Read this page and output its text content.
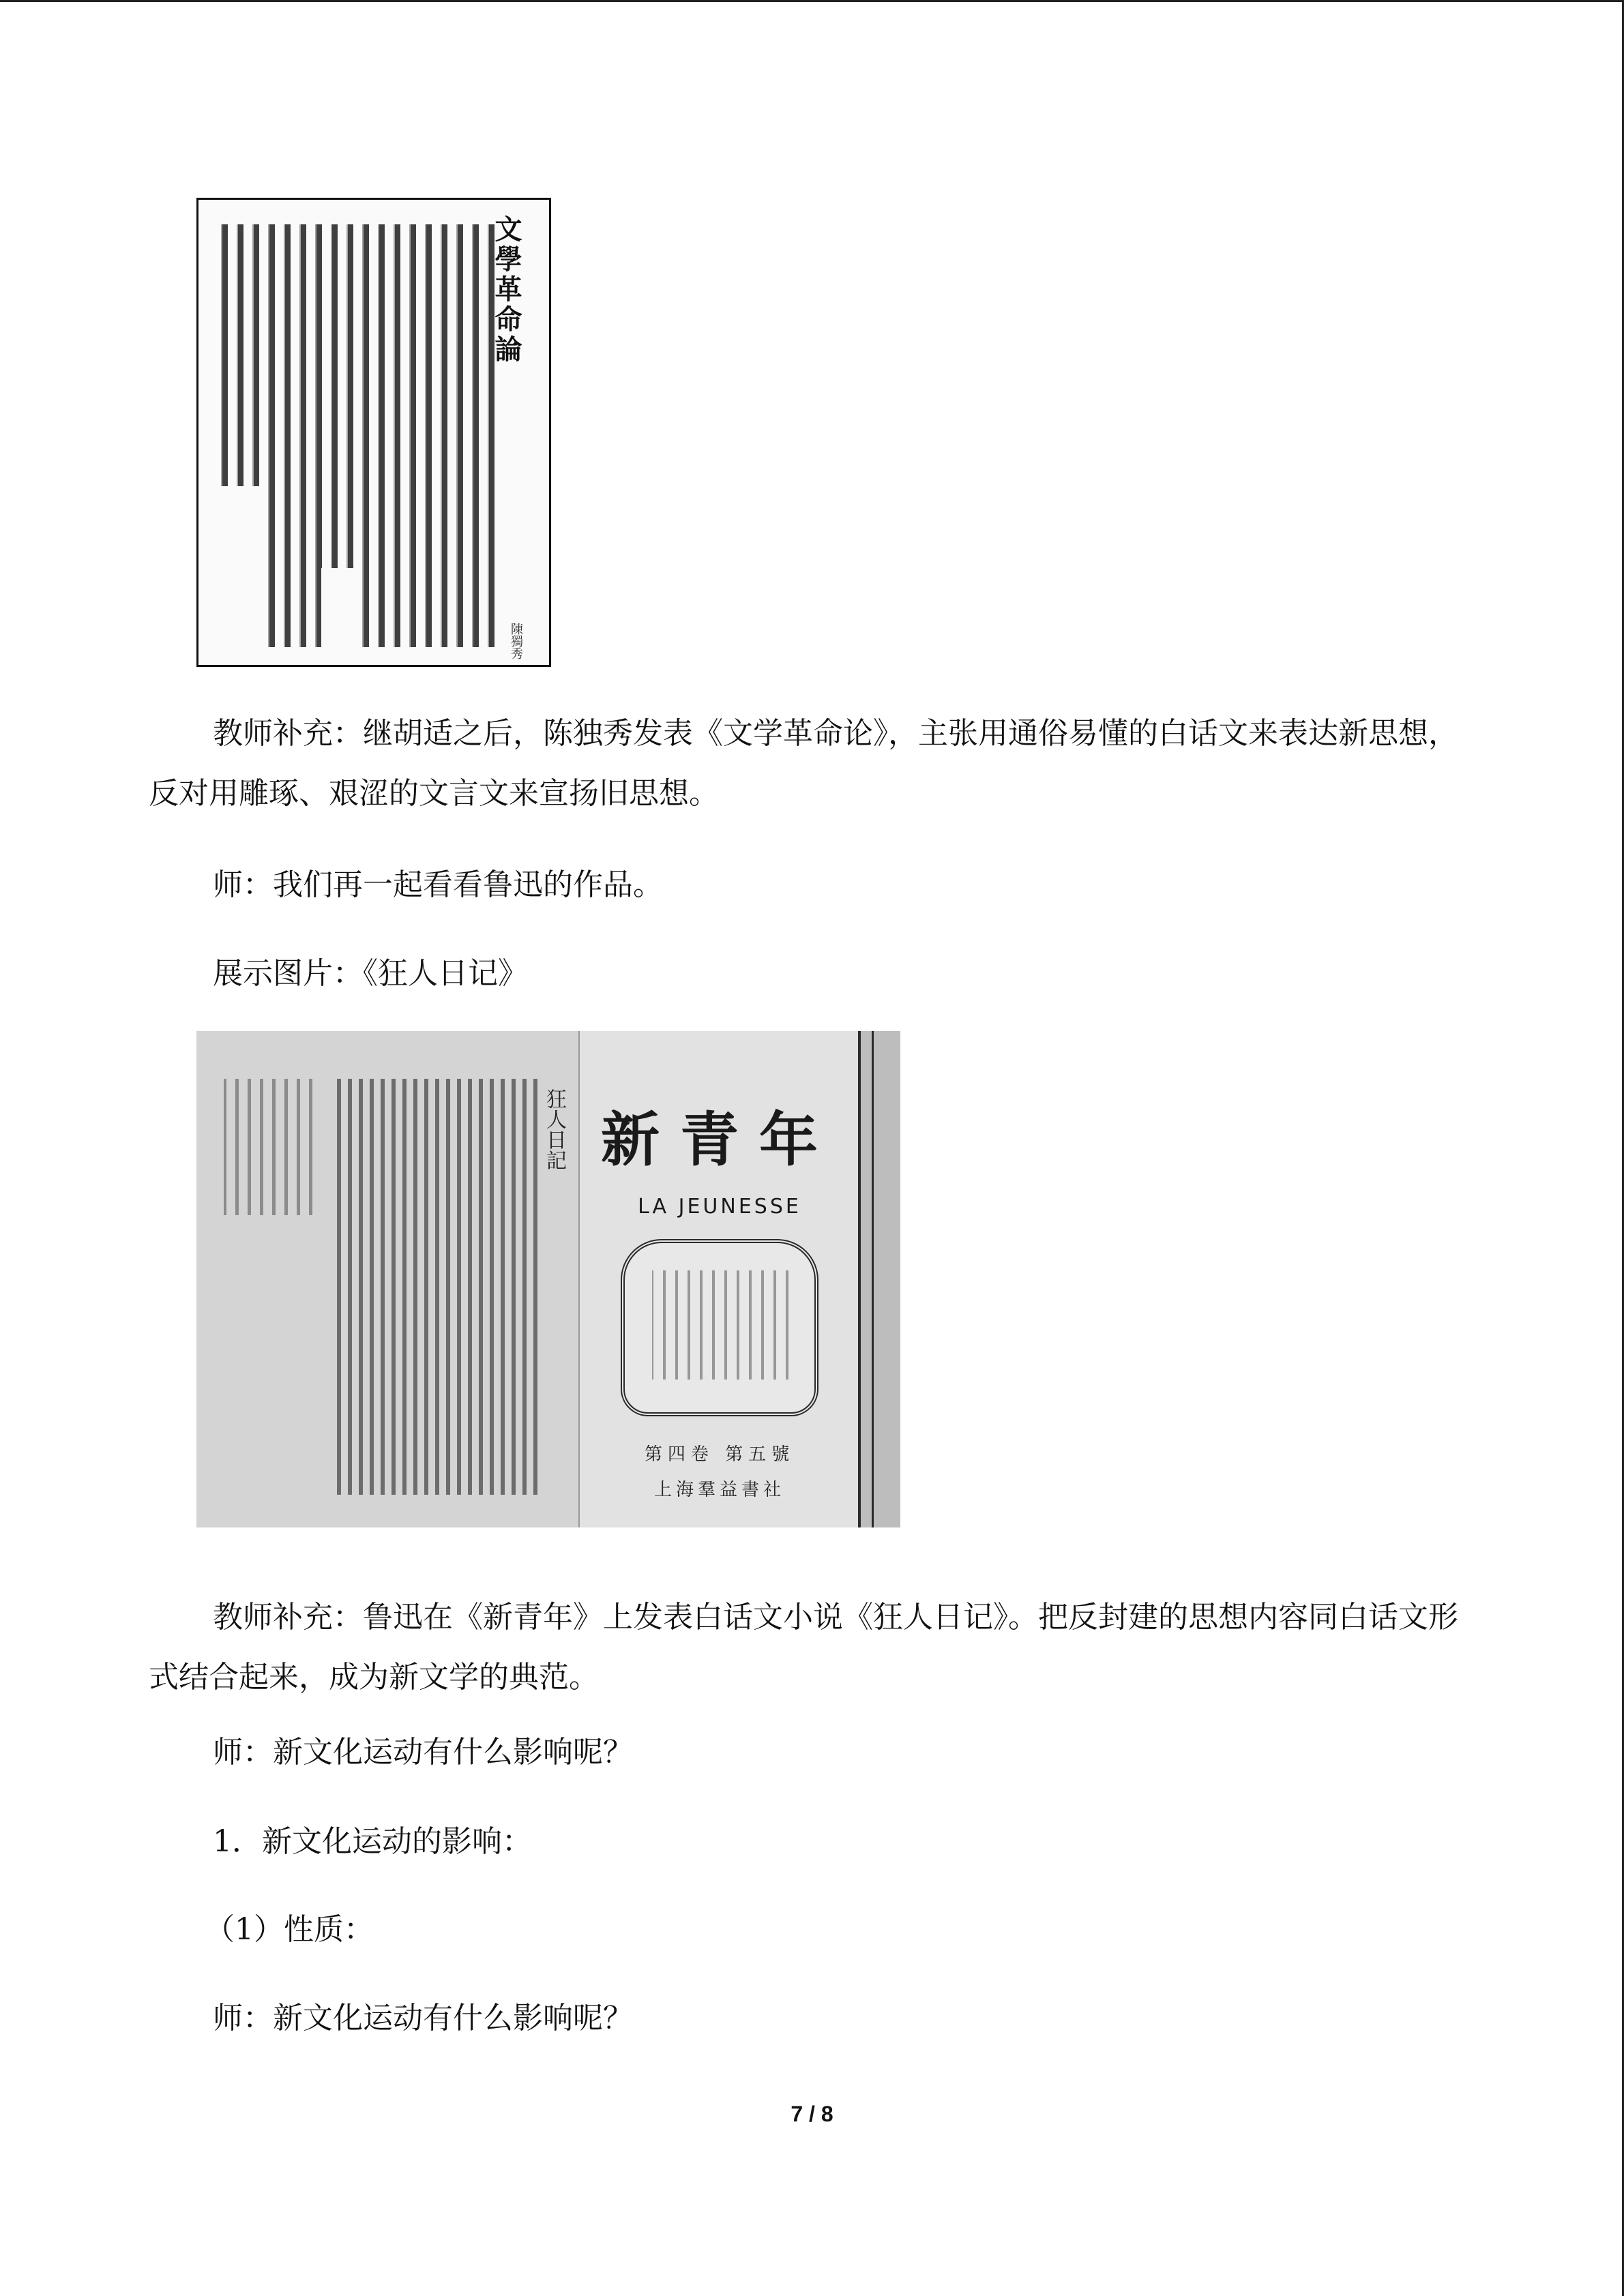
文學革命論
陳獨秀

教师补充：继胡适之后，陈独秀发表《文学革命论》，主张用通俗易懂的白话文来表达新思想，反对用雕琢、艰涩的文言文来宣扬旧思想。

师：我们再一起看看鲁迅的作品。

展示图片：《狂人日记》

狂人日記 新青年
LA JEUNESSE
第四卷 第五號
上海羣益書社

教师补充：鲁迅在《新青年》上发表白话文小说《狂人日记》。把反封建的思想内容同白话文形式结合起来，成为新文学的典范。

师：新文化运动有什么影响呢？

1．新文化运动的影响：

（1）性质：

师：新文化运动有什么影响呢？

7 / 8
